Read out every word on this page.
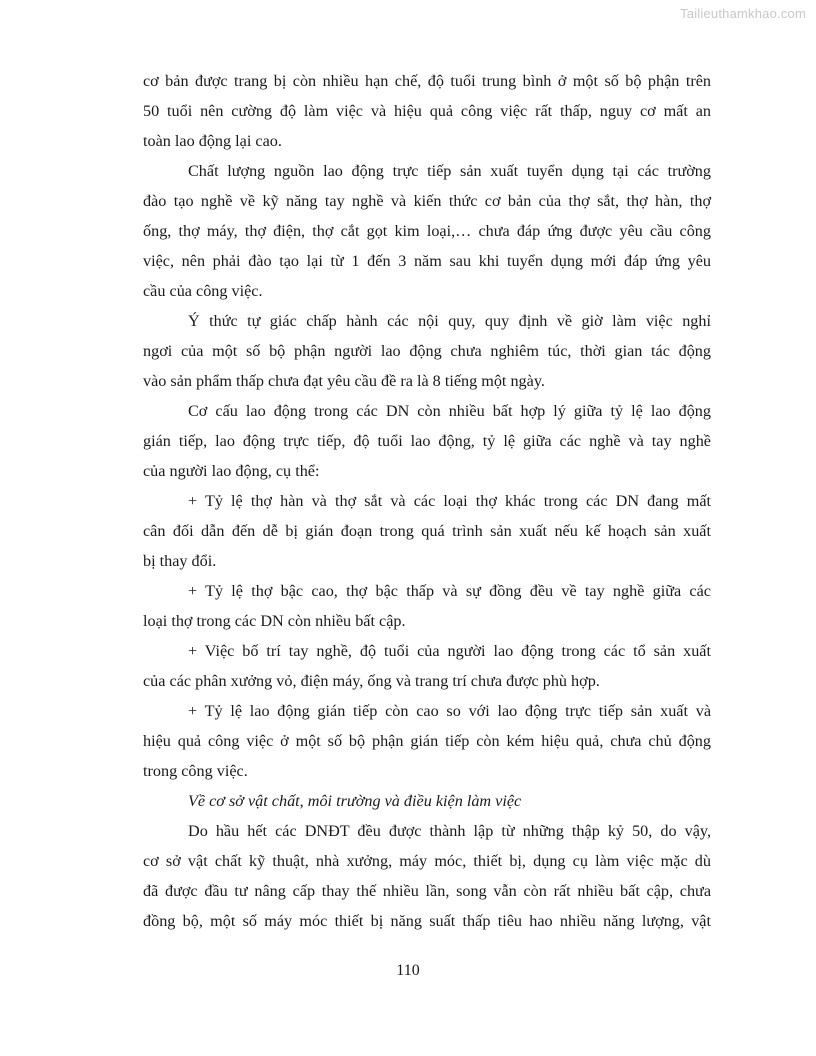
Tailieuthamkhao.com
cơ bản được trang bị còn nhiều hạn chế, độ tuổi trung bình ở một số bộ phận trên
50 tuổi nên cường độ làm việc và hiệu quả công việc rất thấp, nguy cơ mất an
toàn lao động lại cao.
Chất lượng nguồn lao động trực tiếp sản xuất tuyển dụng tại các trường
đào tạo nghề về kỹ năng tay nghề và kiến thức cơ bản của thợ sắt, thợ hàn, thợ
ống, thợ máy, thợ điện, thợ cắt gọt kim loại,… chưa đáp ứng được yêu cầu công
việc, nên phải đào tạo lại từ 1 đến 3 năm sau khi tuyển dụng mới đáp ứng yêu
cầu của công việc.
Ý thức tự giác chấp hành các nội quy, quy định về giờ làm việc nghỉ
ngơi của một số bộ phận người lao động chưa nghiêm túc, thời gian tác động
vào sản phẩm thấp chưa đạt yêu cầu đề ra là 8 tiếng một ngày.
Cơ cấu lao động trong các DN còn nhiều bất hợp lý giữa tỷ lệ lao động
gián tiếp, lao động trực tiếp, độ tuổi lao động, tỷ lệ giữa các nghề và tay nghề
của người lao động, cụ thể:
+ Tỷ lệ thợ hàn và thợ sắt và các loại thợ khác trong các DN đang mất
cân đối dẫn đến dễ bị gián đoạn trong quá trình sản xuất nếu kế hoạch sản xuất
bị thay đổi.
+ Tỷ lệ thợ bậc cao, thợ bậc thấp và sự đồng đều về tay nghề giữa các
loại thợ trong các DN còn nhiều bất cập.
+ Việc bố trí tay nghề, độ tuổi của người lao động trong các tổ sản xuất
của các phân xưởng vỏ, điện máy, ống và trang trí chưa được phù hợp.
+ Tỷ lệ lao động gián tiếp còn cao so với lao động trực tiếp sản xuất và
hiệu quả công việc ở một số bộ phận gián tiếp còn kém hiệu quả, chưa chủ động
trong công việc.
Về cơ sở vật chất, môi trường và điều kiện làm việc
Do hầu hết các DNĐT đều được thành lập từ những thập kỷ 50, do vậy,
cơ sở vật chất kỹ thuật, nhà xưởng, máy móc, thiết bị, dụng cụ làm việc mặc dù
đã được đầu tư nâng cấp thay thế nhiều lần, song vẫn còn rất nhiều bất cập, chưa
đồng bộ, một số máy móc thiết bị năng suất thấp tiêu hao nhiều năng lượng, vật
110
